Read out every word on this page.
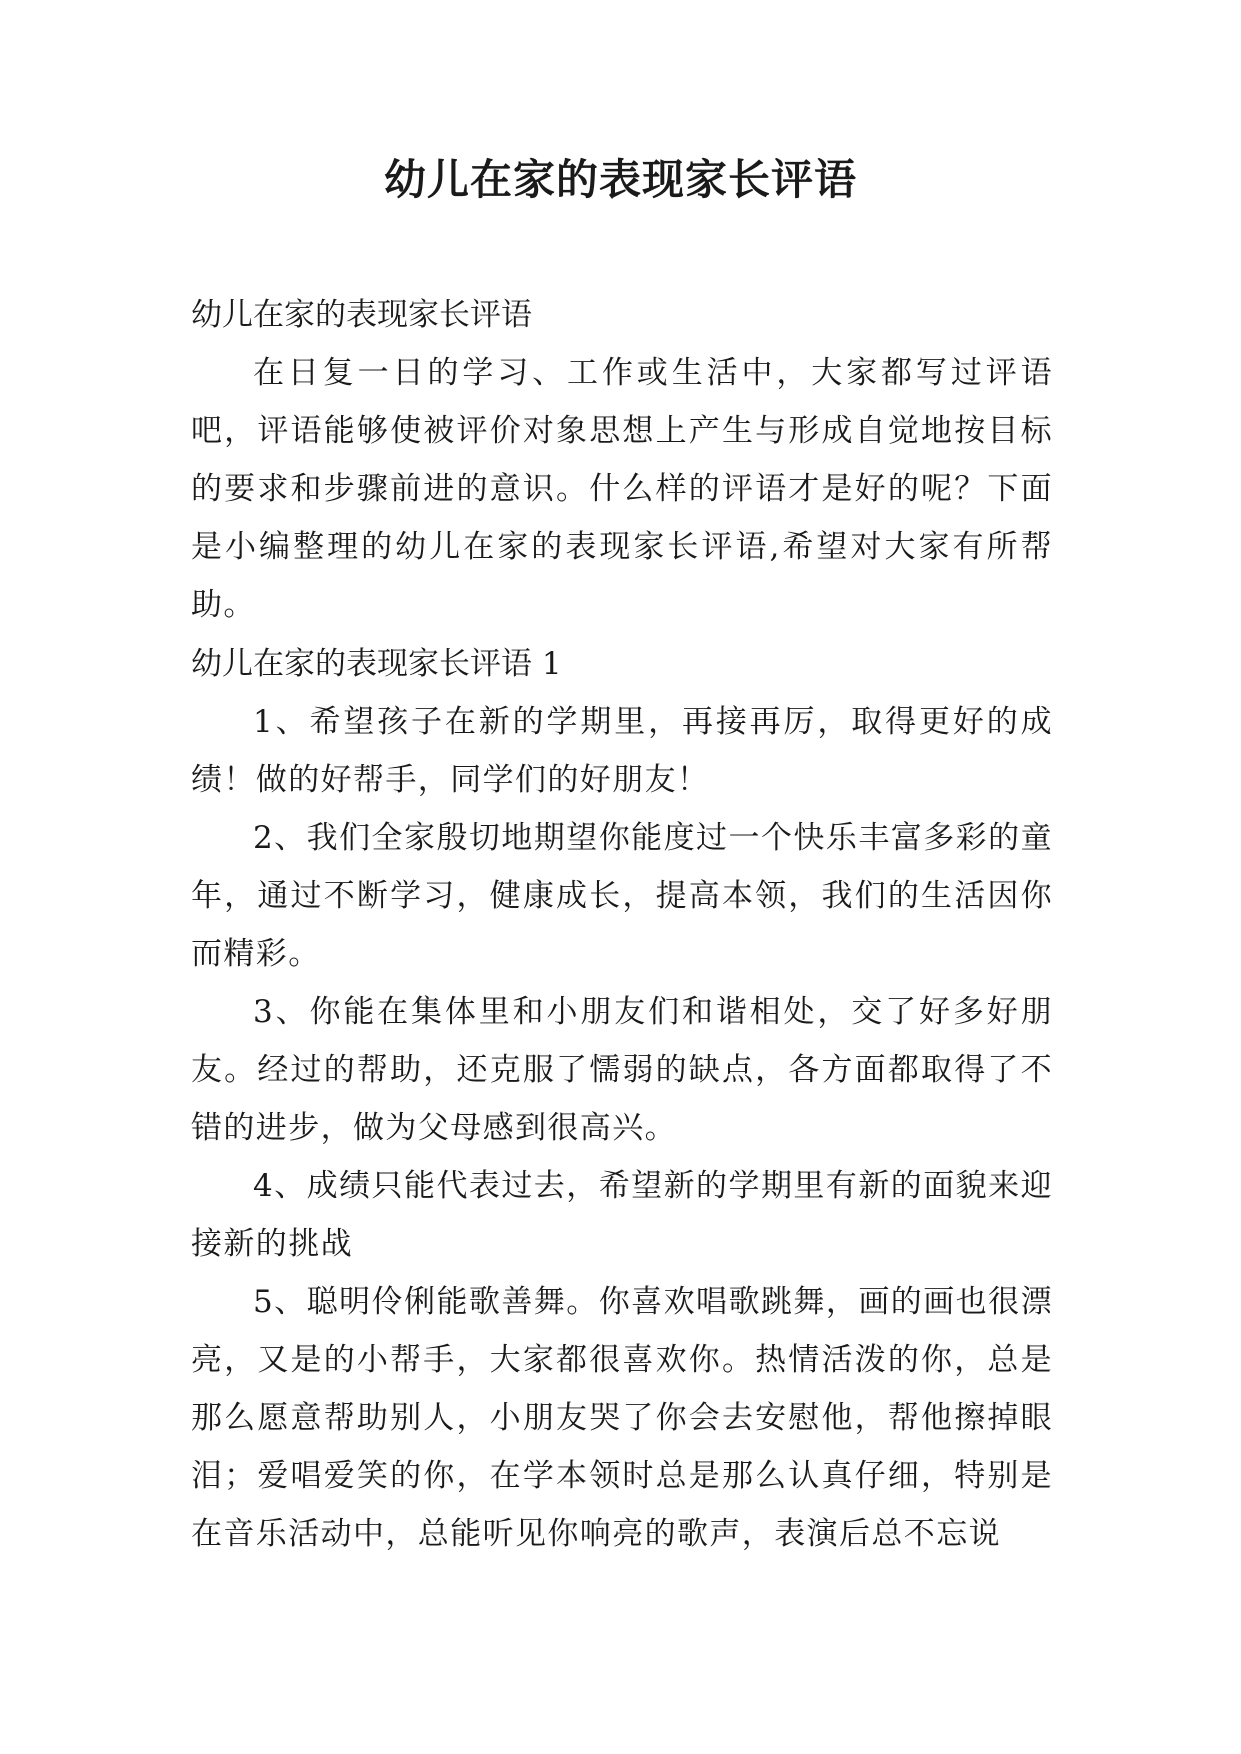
幼儿在家的表现家长评语

幼儿在家的表现家长评语

在日复一日的学习、工作或生活中，大家都写过评语吧，评语能够使被评价对象思想上产生与形成自觉地按目标的要求和步骤前进的意识。什么样的评语才是好的呢？下面是小编整理的幼儿在家的表现家长评语,希望对大家有所帮助。

幼儿在家的表现家长评语 1

1、希望孩子在新的学期里，再接再厉，取得更好的成绩！做的好帮手，同学们的好朋友！

2、我们全家殷切地期望你能度过一个快乐丰富多彩的童年，通过不断学习，健康成长，提高本领，我们的生活因你而精彩。

3、你能在集体里和小朋友们和谐相处，交了好多好朋友。经过的帮助，还克服了懦弱的缺点，各方面都取得了不错的进步，做为父母感到很高兴。

4、成绩只能代表过去，希望新的学期里有新的面貌来迎接新的挑战

5、聪明伶俐能歌善舞。你喜欢唱歌跳舞，画的画也很漂亮，又是的小帮手，大家都很喜欢你。热情活泼的你，总是那么愿意帮助别人，小朋友哭了你会去安慰他，帮他擦掉眼泪；爱唱爱笑的你，在学本领时总是那么认真仔细，特别是在音乐活动中，总能听见你响亮的歌声，表演后总不忘说
